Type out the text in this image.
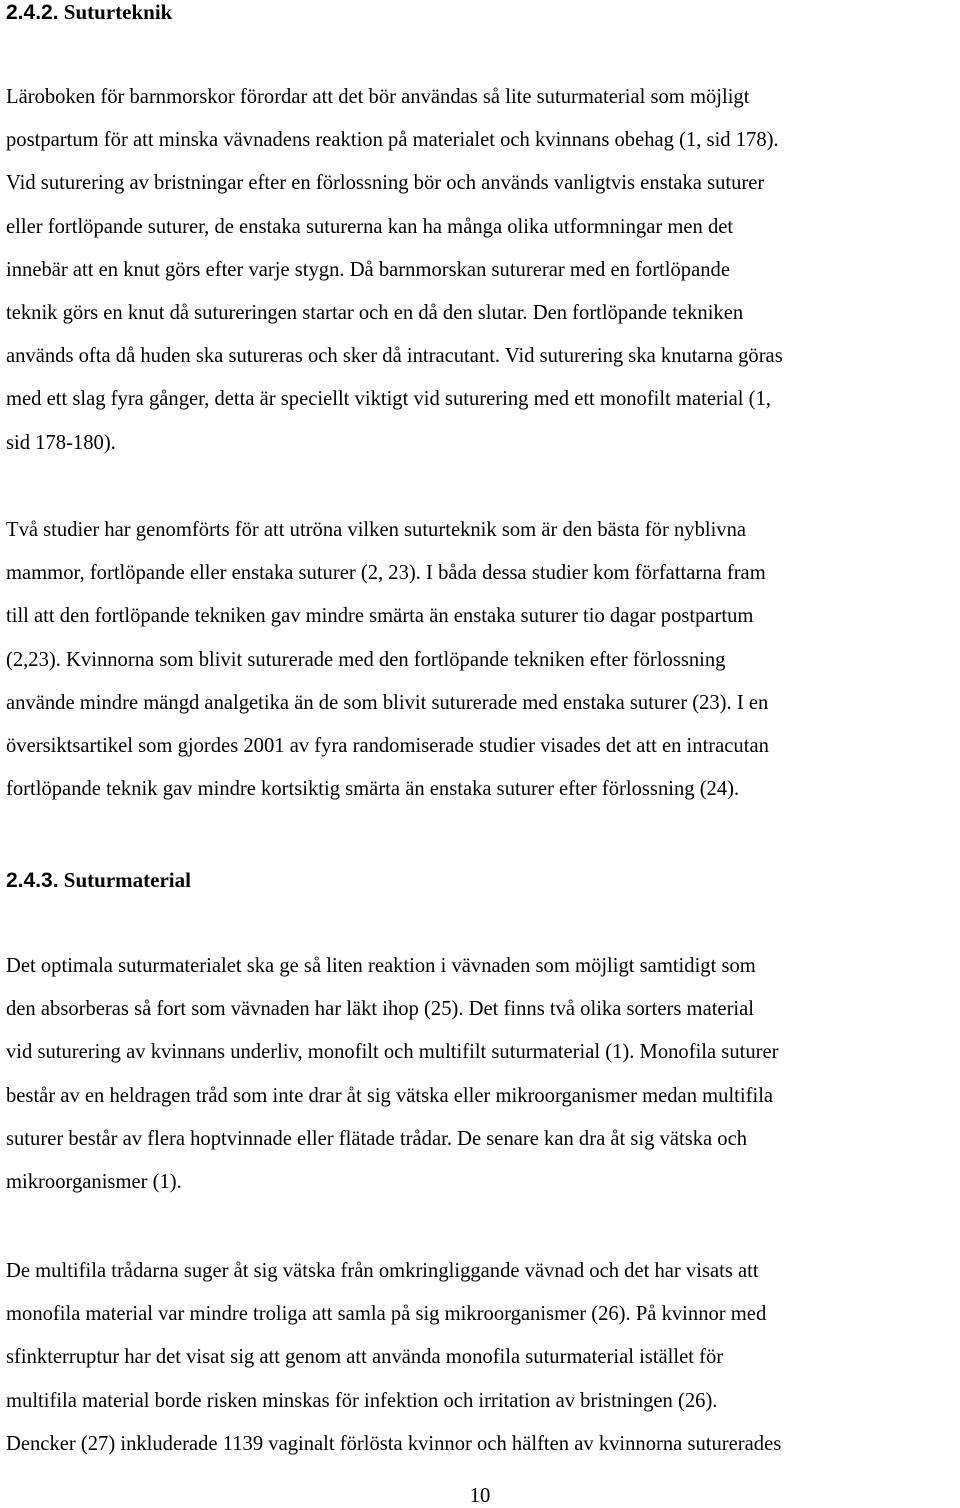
2.4.2. Suturteknik

Läroboken för barnmorskor förordar att det bör användas så lite suturmaterial som möjligt
postpartum för att minska vävnadens reaktion på materialet och kvinnans obehag (1, sid 178).
Vid suturering av bristningar efter en förlossning bör och används vanligtvis enstaka suturer
eller fortlöpande suturer, de enstaka suturerna kan ha många olika utformningar men det
innebär att en knut görs efter varje stygn. Då barnmorskan suturerar med en fortlöpande
teknik görs en knut då sutureringen startar och en då den slutar. Den fortlöpande tekniken
används ofta då huden ska sutureras och sker då intracutant. Vid suturering ska knutarna göras
med ett slag fyra gånger, detta är speciellt viktigt vid suturering med ett monofilt material (1,
sid 178-180).

Två studier har genomförts för att utröna vilken suturteknik som är den bästa för nyblivna
mammor, fortlöpande eller enstaka suturer (2, 23). I båda dessa studier kom författarna fram
till att den fortlöpande tekniken gav mindre smärta än enstaka suturer tio dagar postpartum
(2,23). Kvinnorna som blivit suturerade med den fortlöpande tekniken efter förlossning
använde mindre mängd analgetika än de som blivit suturerade med enstaka suturer (23). I en
översiktsartikel som gjordes 2001 av fyra randomiserade studier visades det att en intracutan
fortlöpande teknik gav mindre kortsiktig smärta än enstaka suturer efter förlossning (24).

2.4.3. Suturmaterial

Det optimala suturmaterialet ska ge så liten reaktion i vävnaden som möjligt samtidigt som
den absorberas så fort som vävnaden har läkt ihop (25). Det finns två olika sorters material
vid suturering av kvinnans underliv, monofilt och multifilt suturmaterial (1). Monofila suturer
består av en heldragen tråd som inte drar åt sig vätska eller mikroorganismer medan multifila
suturer består av flera hoptvinnade eller flätade trådar. De senare kan dra åt sig vätska och
mikroorganismer (1).

De multifila trådarna suger åt sig vätska från omkringliggande vävnad och det har visats att
monofila material var mindre troliga att samla på sig mikroorganismer (26). På kvinnor med
sfinkterruptur har det visat sig att genom att använda monofila suturmaterial istället för
multifila material borde risken minskas för infektion och irritation av bristningen (26).
Dencker (27) inkluderade 1139 vaginalt förlösta kvinnor och hälften av kvinnorna suturerades

10
